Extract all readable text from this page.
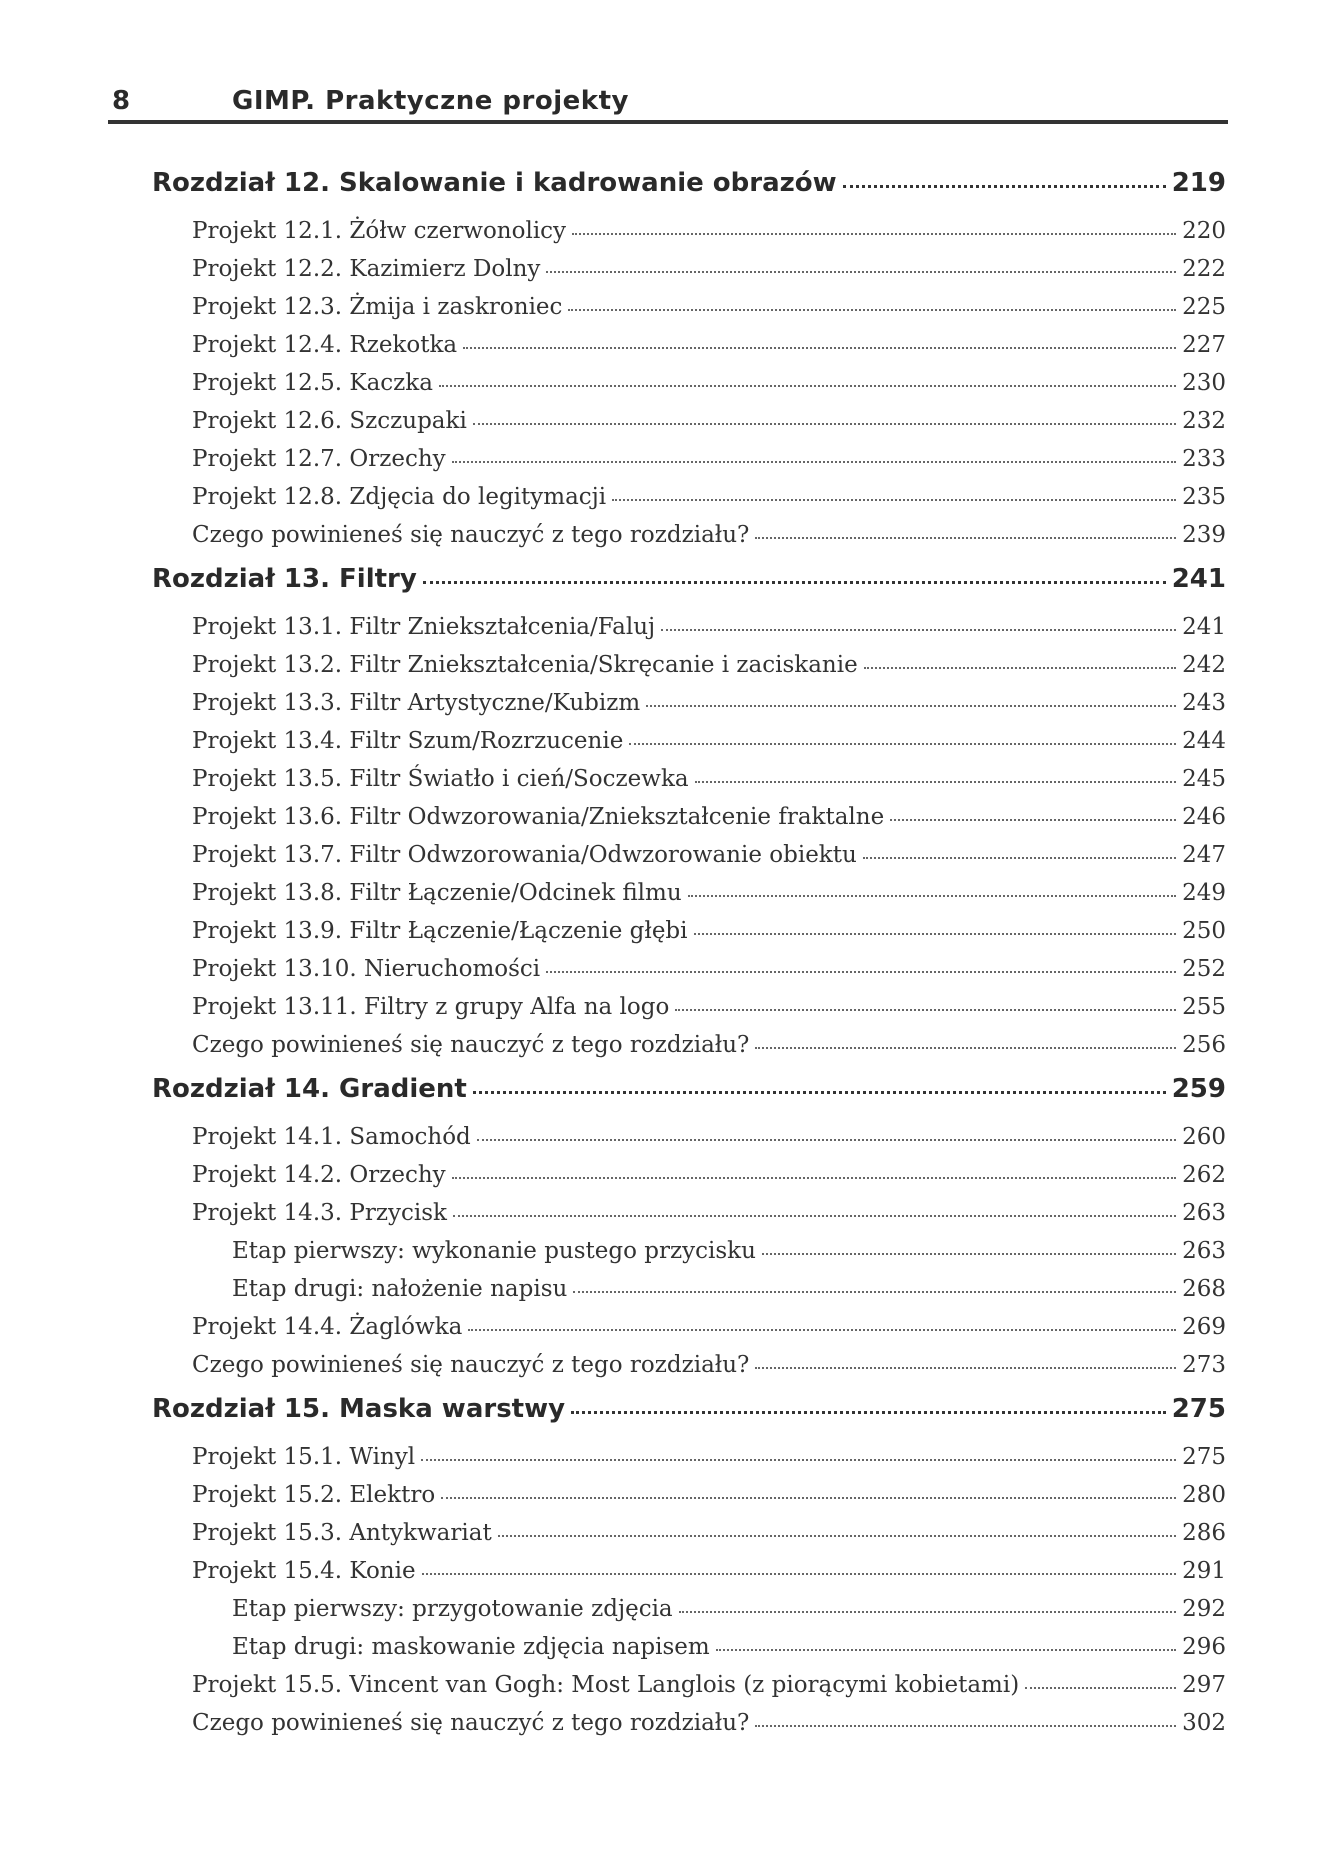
8	GIMP. Praktyczne projekty
Rozdział 12. Skalowanie i kadrowanie obrazów	219
Projekt 12.1. Żółw czerwonolicy	220
Projekt 12.2. Kazimierz Dolny	222
Projekt 12.3. Żmija i zaskroniec	225
Projekt 12.4. Rzekotka	227
Projekt 12.5. Kaczka	230
Projekt 12.6. Szczupaki	232
Projekt 12.7. Orzechy	233
Projekt 12.8. Zdjęcia do legitymacji	235
Czego powinieneś się nauczyć z tego rozdziału?	239
Rozdział 13. Filtry	241
Projekt 13.1. Filtr Zniekształcenia/Faluj	241
Projekt 13.2. Filtr Zniekształcenia/Skręcanie i zaciskanie	242
Projekt 13.3. Filtr Artystyczne/Kubizm	243
Projekt 13.4. Filtr Szum/Rozrzucenie	244
Projekt 13.5. Filtr Światło i cień/Soczewka	245
Projekt 13.6. Filtr Odwzorowania/Zniekształcenie fraktalne	246
Projekt 13.7. Filtr Odwzorowania/Odwzorowanie obiektu	247
Projekt 13.8. Filtr Łączenie/Odcinek filmu	249
Projekt 13.9. Filtr Łączenie/Łączenie głębi	250
Projekt 13.10. Nieruchomości	252
Projekt 13.11. Filtry z grupy Alfa na logo	255
Czego powinieneś się nauczyć z tego rozdziału?	256
Rozdział 14. Gradient	259
Projekt 14.1. Samochód	260
Projekt 14.2. Orzechy	262
Projekt 14.3. Przycisk	263
Etap pierwszy: wykonanie pustego przycisku	263
Etap drugi: nałożenie napisu	268
Projekt 14.4. Żaglówka	269
Czego powinieneś się nauczyć z tego rozdziału?	273
Rozdział 15. Maska warstwy	275
Projekt 15.1. Winyl	275
Projekt 15.2. Elektro	280
Projekt 15.3. Antykwariat	286
Projekt 15.4. Konie	291
Etap pierwszy: przygotowanie zdjęcia	292
Etap drugi: maskowanie zdjęcia napisem	296
Projekt 15.5. Vincent van Gogh: Most Langlois (z piorącymi kobietami)	297
Czego powinieneś się nauczyć z tego rozdziału?	302
